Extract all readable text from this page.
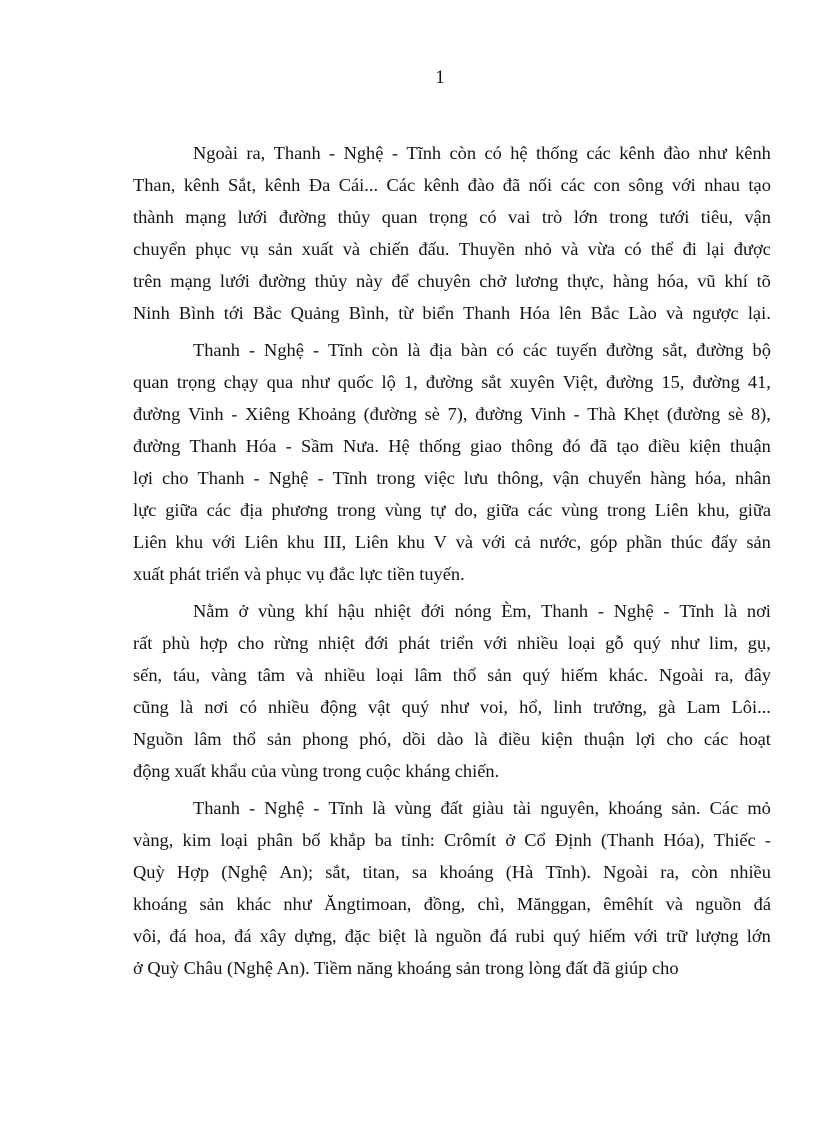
1
Ngoài ra, Thanh - Nghệ - Tĩnh còn có hệ thống các kênh đào như kênh
Than, kênh Sắt, kênh Đa Cái... Các kênh đào đã nối các con sông với nhau tạo
thành mạng lưới đường thủy quan trọng có vai trò lớn trong tưới tiêu, vận
chuyển phục vụ sản xuất và chiến đấu. Thuyền nhỏ và vừa có thể đi lại được
trên mạng lưới đường thủy này để chuyên chở lương thực, hàng hóa, vũ khí tõ
Ninh Bình tới Bắc Quảng Bình, từ biển Thanh Hóa lên Bắc Lào và ngược lại.
Thanh - Nghệ - Tĩnh còn là địa bàn có các tuyến đường sắt, đường bộ
quan trọng chạy qua như quốc lộ 1, đường sắt xuyên Việt, đường 15, đường 41,
đường Vinh - Xiêng Khoảng (đường sè 7), đường Vinh - Thà Khẹt (đường sè 8),
đường Thanh Hóa - Sầm Nưa. Hệ thống giao thông đó đã tạo điều kiện thuận
lợi cho Thanh - Nghệ - Tĩnh trong việc lưu thông, vận chuyển hàng hóa, nhân
lực giữa các địa phương trong vùng tự do, giữa các vùng trong Liên khu, giữa
Liên khu với Liên khu III, Liên khu V và với cả nước, góp phần thúc đẩy sản
xuất phát triển và phục vụ đắc lực tiền tuyến.
Nằm ở vùng khí hậu nhiệt đới nóng Èm, Thanh - Nghệ - Tĩnh là nơi
rất phù hợp cho rừng nhiệt đới phát triển với nhiều loại gỗ quý như lim, gụ,
sến, táu, vàng tâm và nhiều loại lâm thổ sản quý hiếm khác. Ngoài ra, đây
cũng là nơi có nhiều động vật quý như voi, hổ, linh trưởng, gà Lam Lôi...
Nguồn lâm thổ sản phong phó, dồi dào là điều kiện thuận lợi cho các hoạt
động xuất khẩu của vùng trong cuộc kháng chiến.
Thanh - Nghệ - Tĩnh là vùng đất giàu tài nguyên, khoáng sản. Các mỏ
vàng, kim loại phân bố khắp ba tỉnh: Crômít ở Cổ Định (Thanh Hóa), Thiếc -
Quỳ Hợp (Nghệ An); sắt, titan, sa khoáng (Hà Tĩnh). Ngoài ra, còn nhiều
khoáng sản khác như Ăngtimoan, đồng, chì, Mănggan, êmêhít và nguồn đá
vôi, đá hoa, đá xây dựng, đặc biệt là nguồn đá rubi quý hiếm với trữ lượng lớn
ở Quỳ Châu (Nghệ An). Tiềm năng khoáng sản trong lòng đất đã giúp cho
